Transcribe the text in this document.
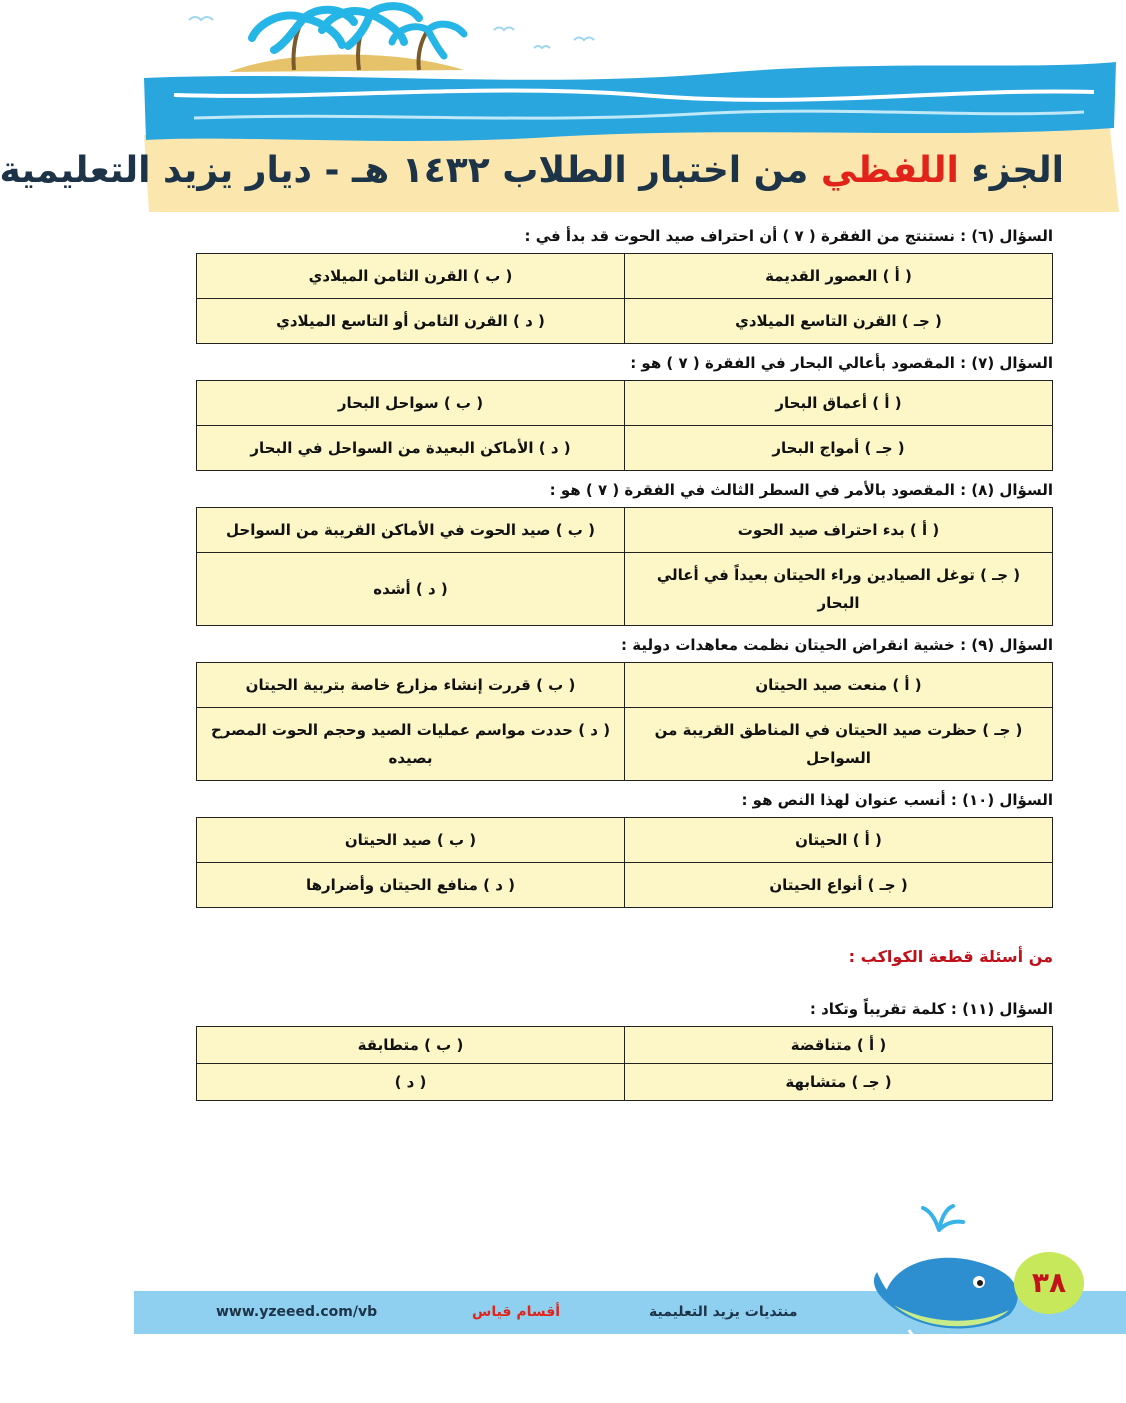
الجزء اللفظي من اختبار الطلاب ١٤٣٢ هـ - ديار يزيد التعليمية
السؤال (٦) : نستنتج من الفقرة ( ٧ ) أن احتراف صيد الحوت قد بدأ في :
( أ ) العصور القديمة	( ب ) القرن الثامن الميلادي
( جـ ) القرن التاسع الميلادي	( د ) القرن الثامن أو التاسع الميلادي
السؤال (٧) : المقصود بأعالي البحار في الفقرة ( ٧ ) هو :
( أ ) أعماق البحار	( ب ) سواحل البحار
( جـ ) أمواج البحار	( د ) الأماكن البعيدة من السواحل في البحار
السؤال (٨) : المقصود بالأمر في السطر الثالث في الفقرة ( ٧ ) هو :
( أ ) بدء احتراف صيد الحوت	( ب ) صيد الحوت في الأماكن القريبة من السواحل
( جـ ) توغل الصيادين وراء الحيتان بعيداً في أعالي البحار	( د ) أشده
السؤال (٩) : خشية انقراض الحيتان نظمت معاهدات دولية :
( أ ) منعت صيد الحيتان	( ب ) قررت إنشاء مزارع خاصة بتربية الحيتان
( جـ ) حظرت صيد الحيتان في المناطق القريبة من السواحل	( د ) حددت مواسم عمليات الصيد وحجم الحوت المصرح بصيده
السؤال (١٠) : أنسب عنوان لهذا النص هو :
( أ ) الحيتان	( ب ) صيد الحيتان
( جـ ) أنواع الحيتان	( د ) منافع الحيتان وأضرارها
من أسئلة قطعة الكواكب :
السؤال (١١) : كلمة تقريباً وتكاد :
( أ ) متناقضة	( ب ) متطابقة
( جـ ) متشابهة	( د )
منتديات يزيد التعليمية
أقسام قياس
www.yzeeed.com/vb
٣٨
